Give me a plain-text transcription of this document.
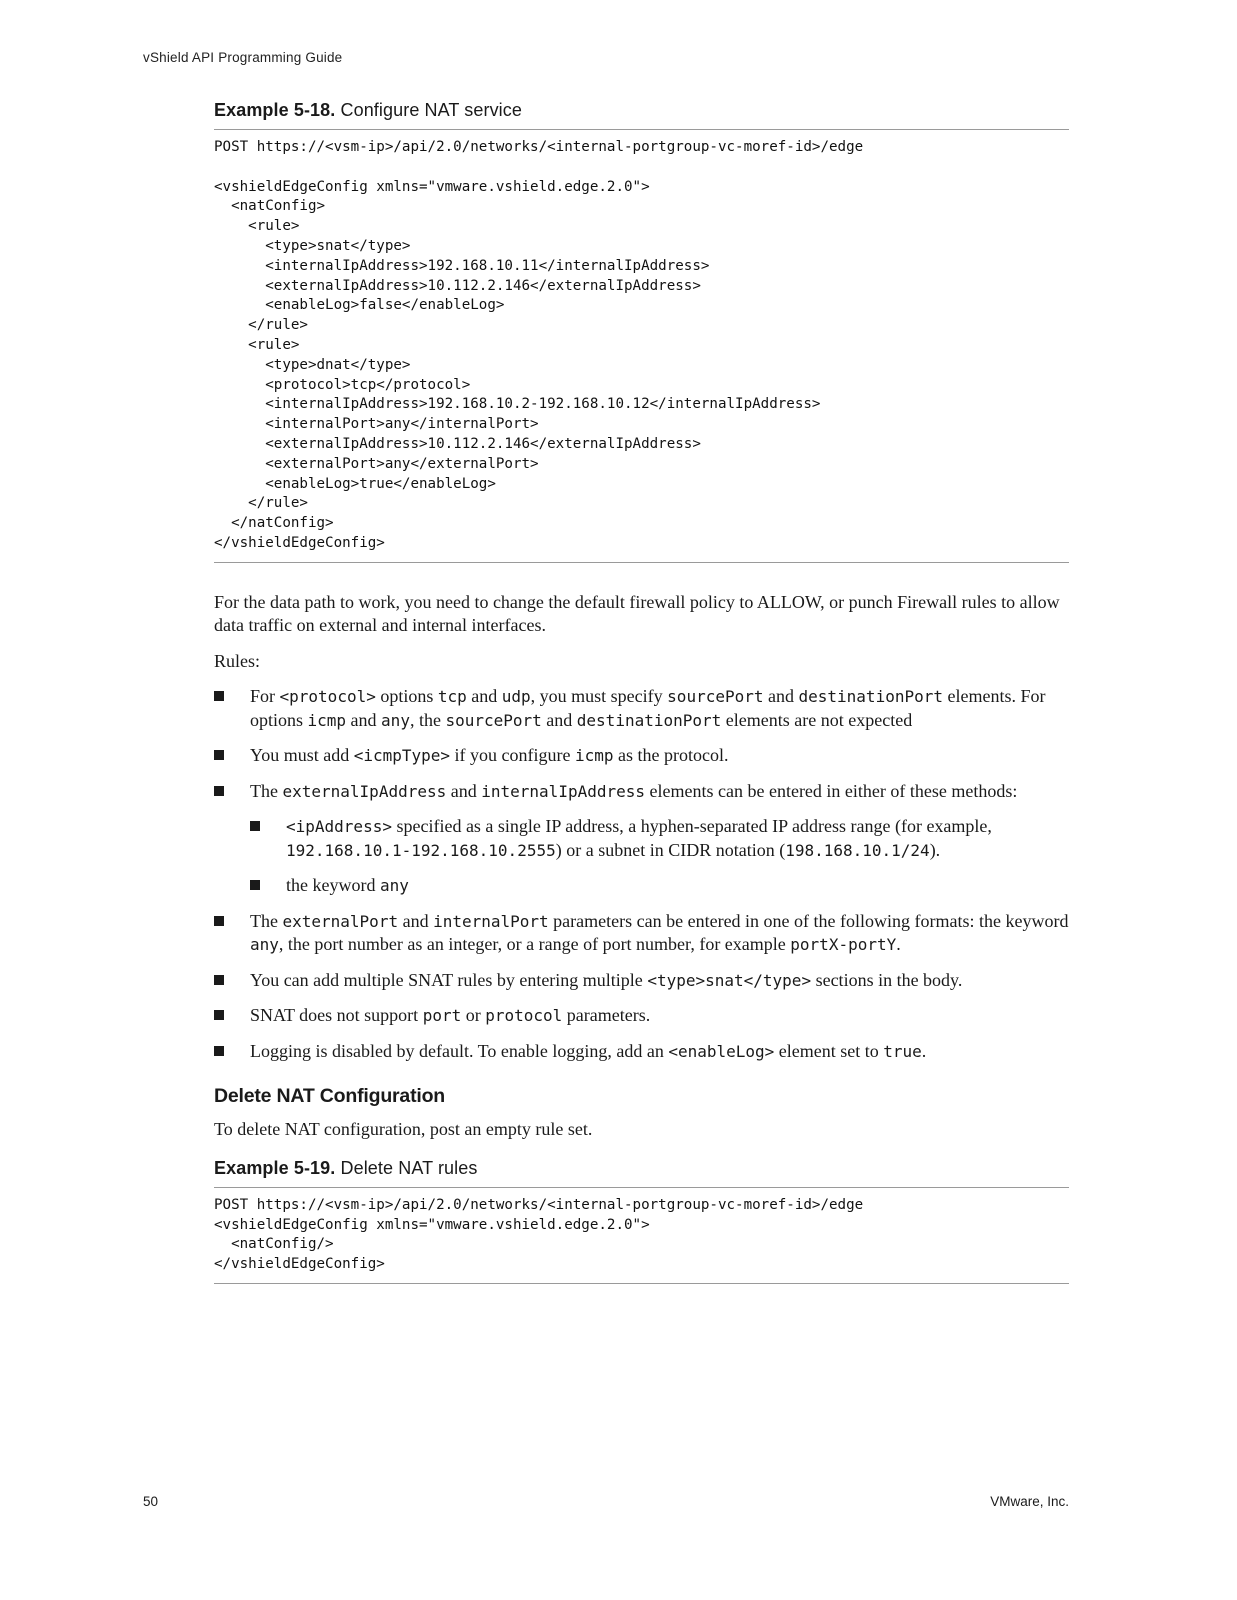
vShield API Programming Guide
Example 5-18. Configure NAT service
POST https://<vsm-ip>/api/2.0/networks/<internal-portgroup-vc-moref-id>/edge

<vshieldEdgeConfig xmlns="vmware.vshield.edge.2.0">
<natConfig>
<rule>
<type>snat</type>
<internalIpAddress>192.168.10.11</internalIpAddress>
<externalIpAddress>10.112.2.146</externalIpAddress>
<enableLog>false</enableLog>
</rule>
<rule>
<type>dnat</type>
<protocol>tcp</protocol>
<internalIpAddress>192.168.10.2-192.168.10.12</internalIpAddress>
<internalPort>any</internalPort>
<externalIpAddress>10.112.2.146</externalIpAddress>
<externalPort>any</externalPort>
<enableLog>true</enableLog>
</rule>
</natConfig>
</vshieldEdgeConfig>

For the data path to work, you need to change the default firewall policy to ALLOW, or punch Firewall rules to allow data traffic on external and internal interfaces.

Rules:

For <protocol> options tcp and udp, you must specify sourcePort and destinationPort elements. For options icmp and any, the sourcePort and destinationPort elements are not expected
You must add <icmpType> if you configure icmp as the protocol.
The externalIpAddress and internalIpAddress elements can be entered in either of these methods:
<ipAddress> specified as a single IP address, a hyphen-separated IP address range (for example, 192.168.10.1-192.168.10.2555) or a subnet in CIDR notation (198.168.10.1/24).
the keyword any
The externalPort and internalPort parameters can be entered in one of the following formats: the keyword any, the port number as an integer, or a range of port number, for example portX-portY.
You can add multiple SNAT rules by entering multiple <type>snat</type> sections in the body.
SNAT does not support port or protocol parameters.
Logging is disabled by default. To enable logging, add an <enableLog> element set to true.
Delete NAT Configuration

To delete NAT configuration, post an empty rule set.

Example 5-19. Delete NAT rules
POST https://<vsm-ip>/api/2.0/networks/<internal-portgroup-vc-moref-id>/edge
<vshieldEdgeConfig xmlns="vmware.vshield.edge.2.0">
<natConfig/>
</vshieldEdgeConfig>
50	VMware, Inc.
